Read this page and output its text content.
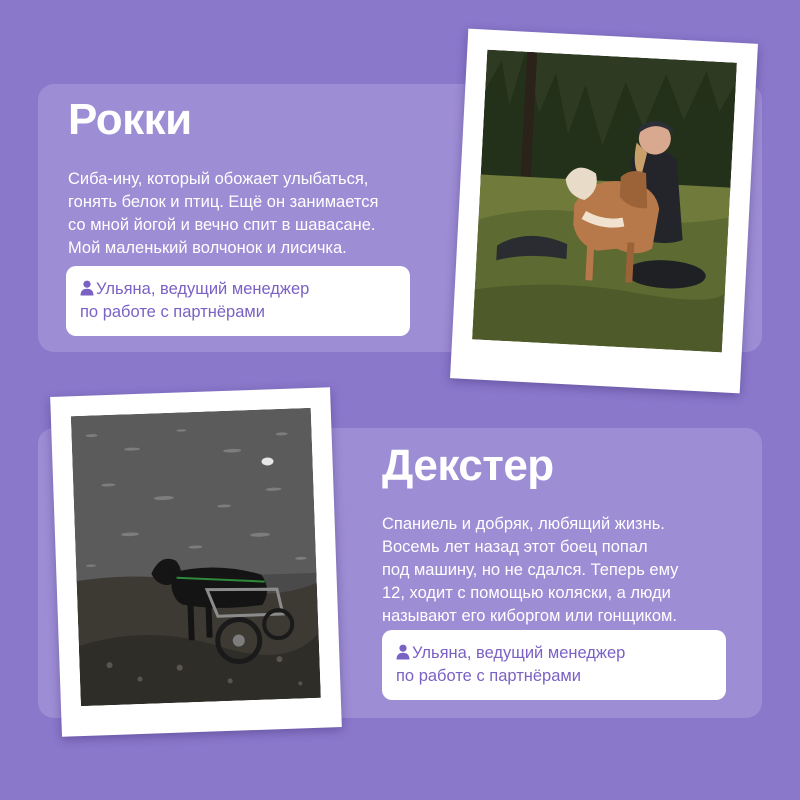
Рокки

Сиба-ину, который обожает улыбаться,
гонять белок и птиц. Ещё он занимается
со мной йогой и вечно спит в шавасане.
Мой маленький волчонок и лисичка.

Ульяна, ведущий менеджер
по работе с партнёрами
Декстер

Спаниель и добряк, любящий жизнь.
Восемь лет назад этот боец попал
под машину, но не сдался. Теперь ему
12, ходит с помощью коляски, а люди
называют его киборгом или гонщиком.

Ульяна, ведущий менеджер
по работе с партнёрами
